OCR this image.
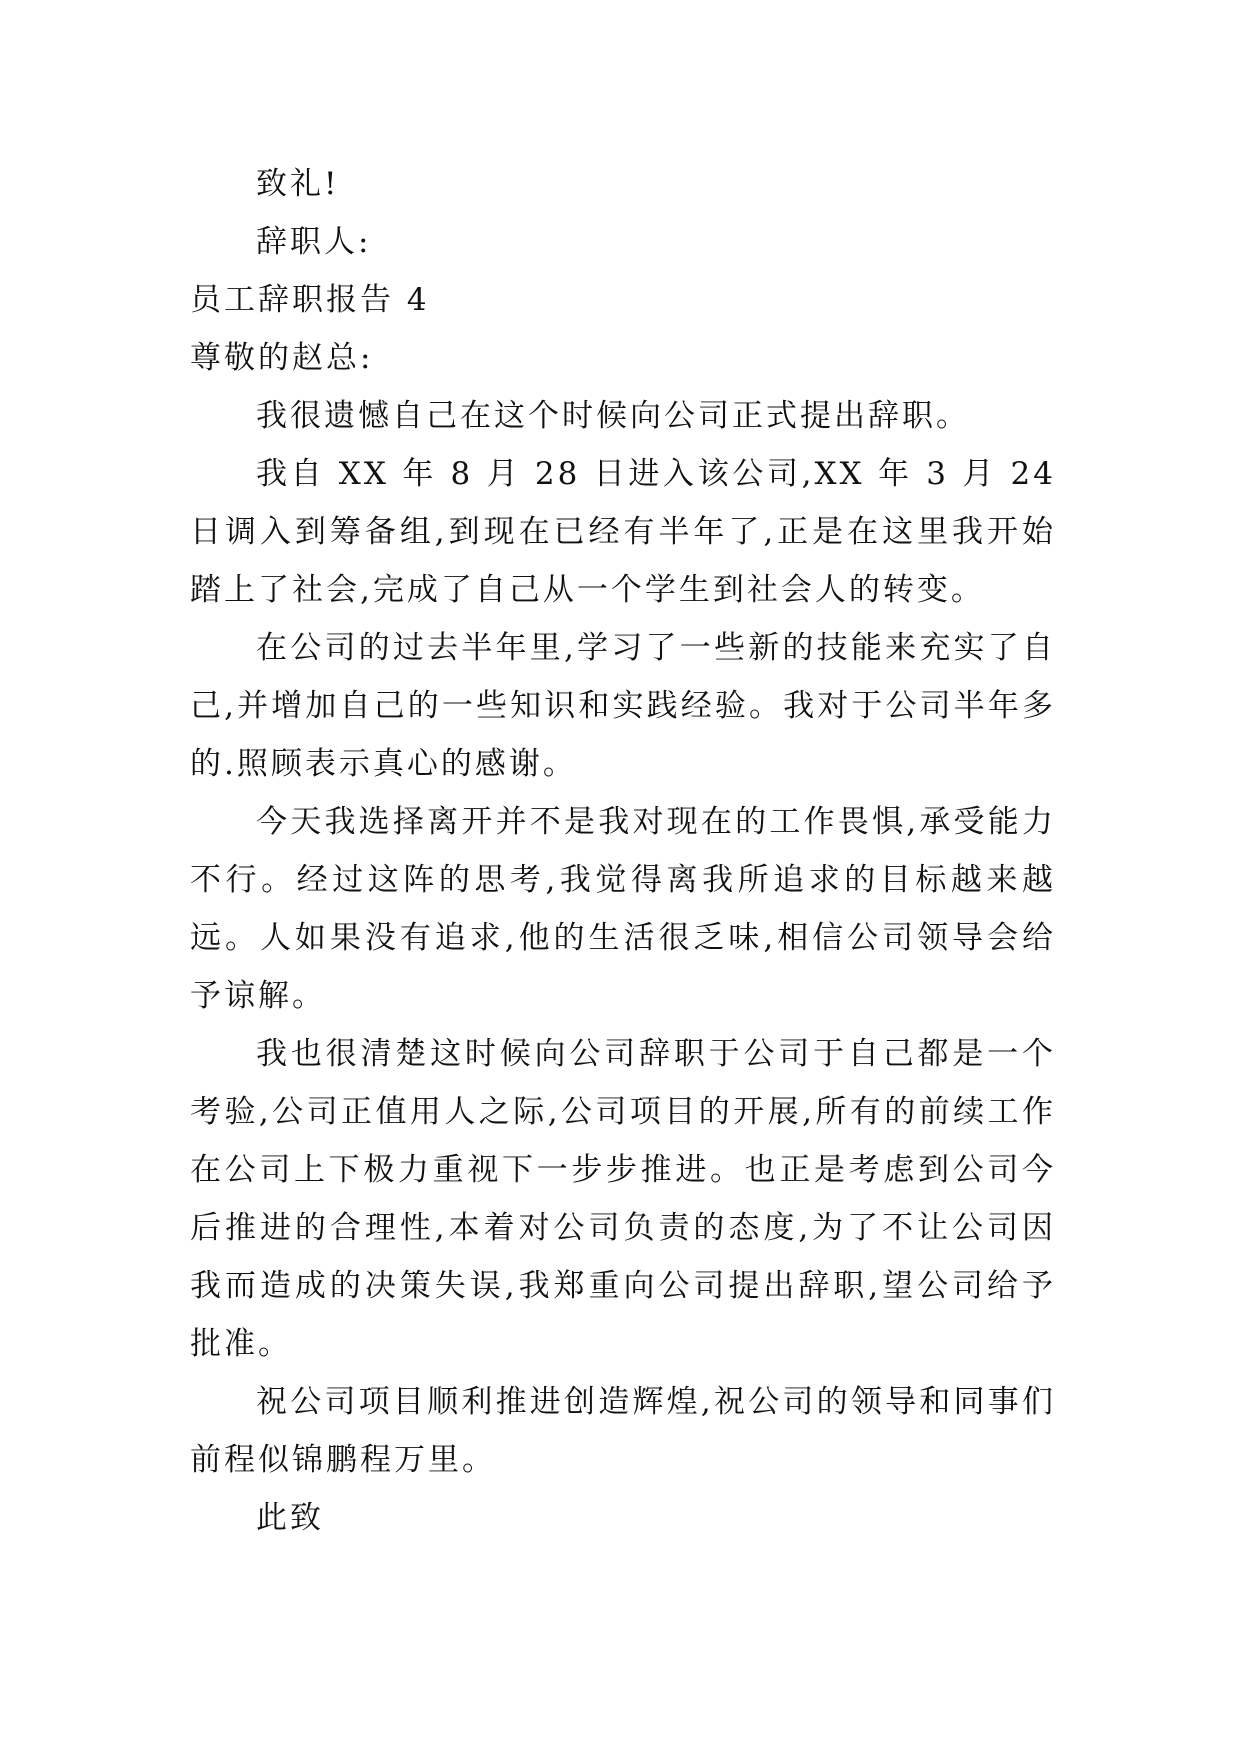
致礼!

辞职人:

员工辞职报告 4

尊敬的赵总:

我很遗憾自己在这个时候向公司正式提出辞职。

我自 XX 年 8 月 28 日进入该公司,XX 年 3 月 24 日调入到筹备组,到现在已经有半年了,正是在这里我开始踏上了社会,完成了自己从一个学生到社会人的转变。

在公司的过去半年里,学习了一些新的技能来充实了自己,并增加自己的一些知识和实践经验。我对于公司半年多的.照顾表示真心的感谢。

今天我选择离开并不是我对现在的工作畏惧,承受能力不行。经过这阵的思考,我觉得离我所追求的目标越来越远。人如果没有追求,他的生活很乏味,相信公司领导会给予谅解。

我也很清楚这时候向公司辞职于公司于自己都是一个考验,公司正值用人之际,公司项目的开展,所有的前续工作在公司上下极力重视下一步步推进。也正是考虑到公司今后推进的合理性,本着对公司负责的态度,为了不让公司因我而造成的决策失误,我郑重向公司提出辞职,望公司给予批准。

祝公司项目顺利推进创造辉煌,祝公司的领导和同事们前程似锦鹏程万里。

此致
